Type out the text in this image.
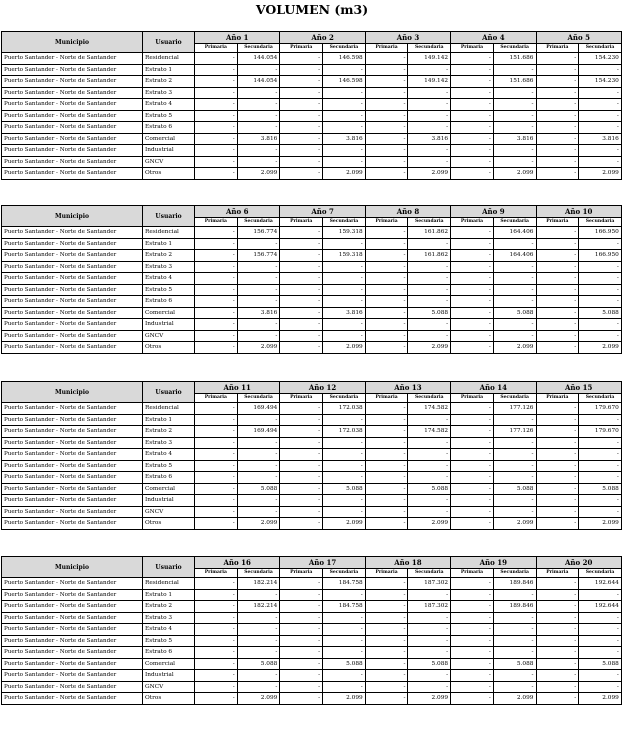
VOLUMEN (m3)
Municipio	Usuario	Año 1		Año 2		Año 3		Año 4		Año 5	
		Primaria	Secundaria	Primaria	Secundaria	Primaria	Secundaria	Primaria	Secundaria	Primaria	Secundaria
Puerto Santander - Norte de Santander	Residencial	-	144.054	-	146.598	-	149.142	-	151.686	-	154.230
Puerto Santander - Norte de Santander	Estrato 1	-	-	-	-	-	-	-	-	-	-
Puerto Santander - Norte de Santander	Estrato 2	-	144.054	-	146.598	-	149.142	-	151.686	-	154.230
Puerto Santander - Norte de Santander	Estrato 3	-	-	-	-	-	-	-	-	-	-
Puerto Santander - Norte de Santander	Estrato 4	-	-	-	-	-	-	-	-	-	-
Puerto Santander - Norte de Santander	Estrato 5	-	-	-	-	-	-	-	-	-	-
Puerto Santander - Norte de Santander	Estrato 6	-	-	-	-	-	-	-	-	-	-
Puerto Santander - Norte de Santander	Comercial	-	3.816	-	3.816	-	3.816	-	3.816	-	3.816
Puerto Santander - Norte de Santander	Industrial	-	-	-	-	-	-	-	-	-	-
Puerto Santander - Norte de Santander	GNCV	-	-	-	-	-	-	-	-	-	-
Puerto Santander - Norte de Santander	Otros	-	2.099	-	2.099	-	2.099	-	2.099	-	2.099
Municipio	Usuario	Año 6		Año 7		Año 8		Año 9		Año 10	
		Primaria	Secundaria	Primaria	Secundaria	Primaria	Secundaria	Primaria	Secundaria	Primaria	Secundaria
Puerto Santander - Norte de Santander	Residencial	-	156.774	-	159.318	-	161.862	-	164.406	-	166.950
Puerto Santander - Norte de Santander	Estrato 1	-	-	-	-	-	-	-	-	-	-
Puerto Santander - Norte de Santander	Estrato 2	-	156.774	-	159.318	-	161.862	-	164.406	-	166.950
Puerto Santander - Norte de Santander	Estrato 3	-	-	-	-	-	-	-	-	-	-
Puerto Santander - Norte de Santander	Estrato 4	-	-	-	-	-	-	-	-	-	-
Puerto Santander - Norte de Santander	Estrato 5	-	-	-	-	-	-	-	-	-	-
Puerto Santander - Norte de Santander	Estrato 6	-	-	-	-	-	-	-	-	-	-
Puerto Santander - Norte de Santander	Comercial	-	3.816	-	3.816	-	5.088	-	5.088	-	5.088
Puerto Santander - Norte de Santander	Industrial	-	-	-	-	-	-	-	-	-	-
Puerto Santander - Norte de Santander	GNCV	-	-	-	-	-	-	-	-	-	-
Puerto Santander - Norte de Santander	Otros	-	2.099	-	2.099	-	2.099	-	2.099	-	2.099
Municipio	Usuario	Año 11		Año 12		Año 13		Año 14		Año 15	
		Primaria	Secundaria	Primaria	Secundaria	Primaria	Secundaria	Primaria	Secundaria	Primaria	Secundaria
Puerto Santander - Norte de Santander	Residencial	-	169.494	-	172.038	-	174.582	-	177.126	-	179.670
Puerto Santander - Norte de Santander	Estrato 1	-	-	-	-	-	-	-	-	-	-
Puerto Santander - Norte de Santander	Estrato 2	-	169.494	-	172.038	-	174.582	-	177.126	-	179.670
Puerto Santander - Norte de Santander	Estrato 3	-	-	-	-	-	-	-	-	-	-
Puerto Santander - Norte de Santander	Estrato 4	-	-	-	-	-	-	-	-	-	-
Puerto Santander - Norte de Santander	Estrato 5	-	-	-	-	-	-	-	-	-	-
Puerto Santander - Norte de Santander	Estrato 6	-	-	-	-	-	-	-	-	-	-
Puerto Santander - Norte de Santander	Comercial	-	5.088	-	5.088	-	5.088	-	5.088	-	5.088
Puerto Santander - Norte de Santander	Industrial	-	-	-	-	-	-	-	-	-	-
Puerto Santander - Norte de Santander	GNCV	-	-	-	-	-	-	-	-	-	-
Puerto Santander - Norte de Santander	Otros	-	2.099	-	2.099	-	2.099	-	2.099	-	2.099
Municipio	Usuario	Año 16		Año 17		Año 18		Año 19		Año 20	
		Primaria	Secundaria	Primaria	Secundaria	Primaria	Secundaria	Primaria	Secundaria	Primaria	Secundaria
Puerto Santander - Norte de Santander	Residencial	-	182.214	-	184.758	-	187.302	-	189.846	-	192.644
Puerto Santander - Norte de Santander	Estrato 1	-	-	-	-	-	-	-	-	-	-
Puerto Santander - Norte de Santander	Estrato 2	-	182.214	-	184.758	-	187.302	-	189.846	-	192.644
Puerto Santander - Norte de Santander	Estrato 3	-	-	-	-	-	-	-	-	-	-
Puerto Santander - Norte de Santander	Estrato 4	-	-	-	-	-	-	-	-	-	-
Puerto Santander - Norte de Santander	Estrato 5	-	-	-	-	-	-	-	-	-	-
Puerto Santander - Norte de Santander	Estrato 6	-	-	-	-	-	-	-	-	-	-
Puerto Santander - Norte de Santander	Comercial	-	5.088	-	5.088	-	5.088	-	5.088	-	5.088
Puerto Santander - Norte de Santander	Industrial	-	-	-	-	-	-	-	-	-	-
Puerto Santander - Norte de Santander	GNCV	-	-	-	-	-	-	-	-	-	-
Puerto Santander - Norte de Santander	Otros	-	2.099	-	2.099	-	2.099	-	2.099	-	2.099
